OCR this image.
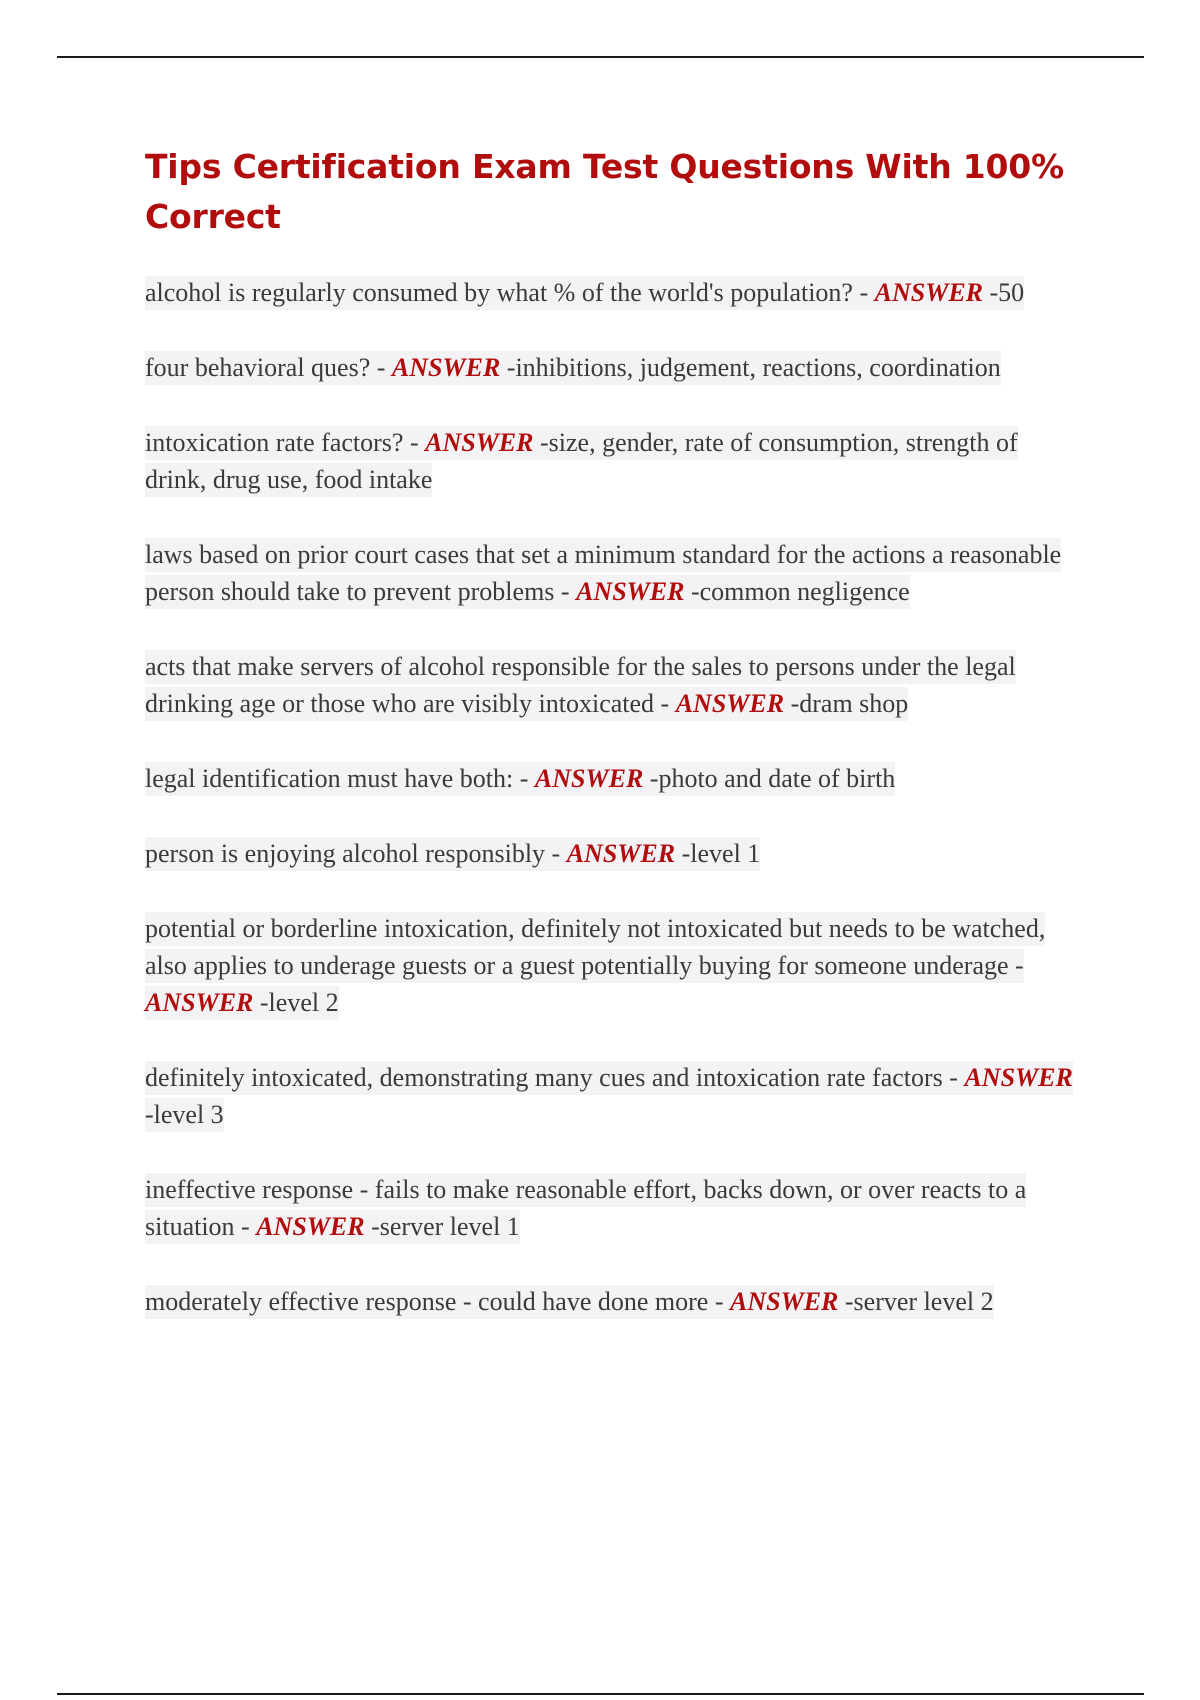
Tips Certification Exam Test Questions With 100% Correct

alcohol is regularly consumed by what % of the world's population? - ANSWER -50

four behavioral ques? - ANSWER -inhibitions, judgement, reactions, coordination

intoxication rate factors? - ANSWER -size, gender, rate of consumption, strength of drink, drug use, food intake

laws based on prior court cases that set a minimum standard for the actions a reasonable person should take to prevent problems - ANSWER -common negligence

acts that make servers of alcohol responsible for the sales to persons under the legal drinking age or those who are visibly intoxicated - ANSWER -dram shop

legal identification must have both: - ANSWER -photo and date of birth

person is enjoying alcohol responsibly - ANSWER -level 1

potential or borderline intoxication, definitely not intoxicated but needs to be watched, also applies to underage guests or a guest potentially buying for someone underage - ANSWER -level 2

definitely intoxicated, demonstrating many cues and intoxication rate factors - ANSWER -level 3

ineffective response - fails to make reasonable effort, backs down, or over reacts to a situation - ANSWER -server level 1

moderately effective response - could have done more - ANSWER -server level 2
